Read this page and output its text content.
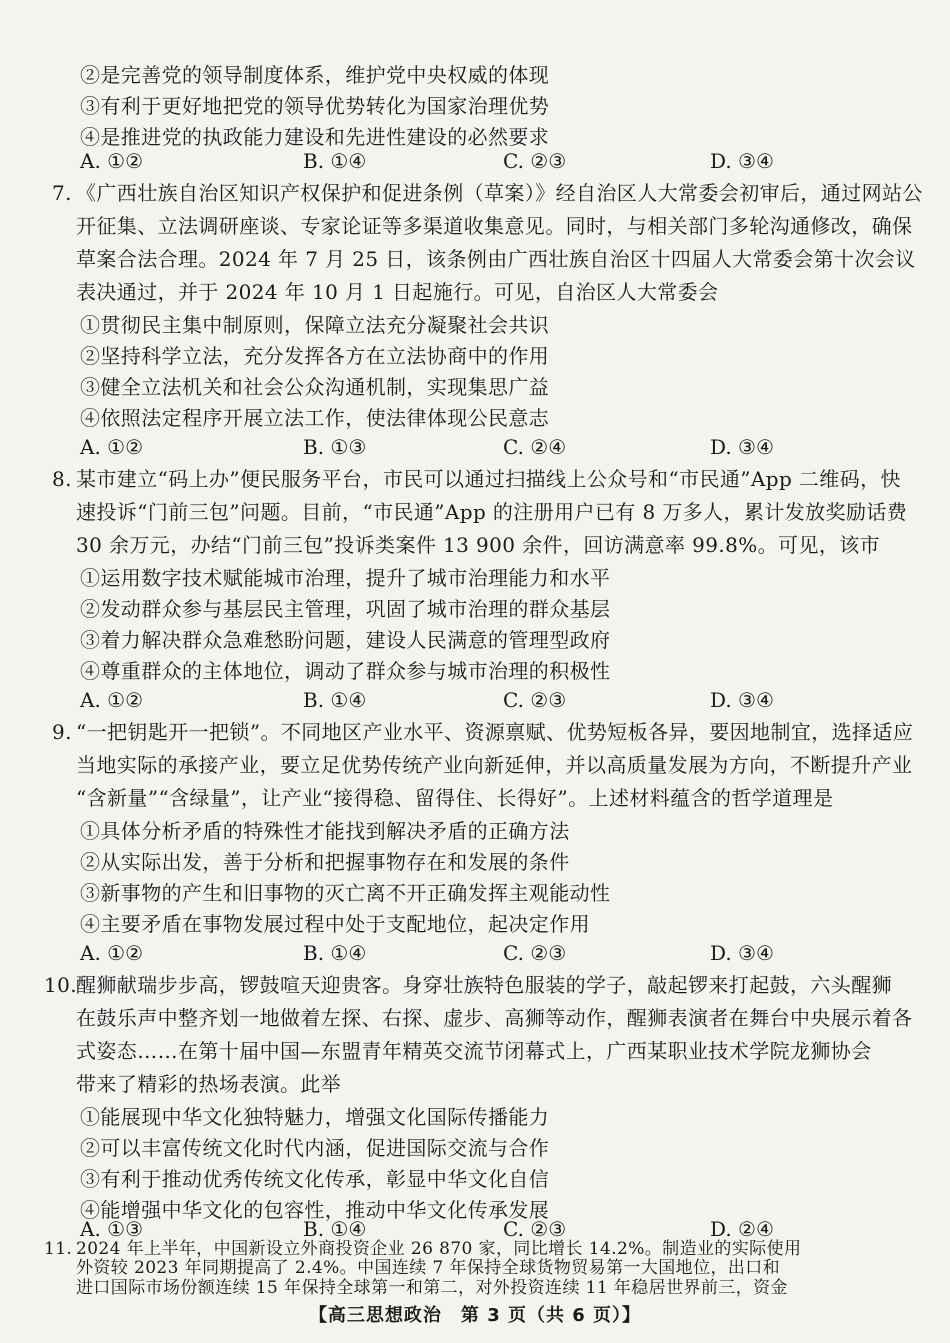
②是完善党的领导制度体系，维护党中央权威的体现
③有利于更好地把党的领导优势转化为国家治理优势
④是推进党的执政能力建设和先进性建设的必然要求
A. ①②	B. ①④	C. ②③	D. ③④
7. 《广西壮族自治区知识产权保护和促进条例（草案）》经自治区人大常委会初审后，通过网站公
开征集、立法调研座谈、专家论证等多渠道收集意见。同时，与相关部门多轮沟通修改，确保
草案合法合理。2024 年 7 月 25 日，该条例由广西壮族自治区十四届人大常委会第十次会议
表决通过，并于 2024 年 10 月 1 日起施行。可见，自治区人大常委会
①贯彻民主集中制原则，保障立法充分凝聚社会共识
②坚持科学立法，充分发挥各方在立法协商中的作用
③健全立法机关和社会公众沟通机制，实现集思广益
④依照法定程序开展立法工作，使法律体现公民意志
A. ①②	B. ①③	C. ②④	D. ③④
8. 某市建立“码上办”便民服务平台，市民可以通过扫描线上公众号和“市民通”App 二维码，快
速投诉“门前三包”问题。目前，“市民通”App 的注册用户已有 8 万多人，累计发放奖励话费
30 余万元，办结“门前三包”投诉类案件 13 900 余件，回访满意率 99.8%。可见，该市
①运用数字技术赋能城市治理，提升了城市治理能力和水平
②发动群众参与基层民主管理，巩固了城市治理的群众基层
③着力解决群众急难愁盼问题，建设人民满意的管理型政府
④尊重群众的主体地位，调动了群众参与城市治理的积极性
A. ①②	B. ①④	C. ②③	D. ③④
9. “一把钥匙开一把锁”。不同地区产业水平、资源禀赋、优势短板各异，要因地制宜，选择适应
当地实际的承接产业，要立足优势传统产业向新延伸，并以高质量发展为方向，不断提升产业
“含新量”“含绿量”，让产业“接得稳、留得住、长得好”。上述材料蕴含的哲学道理是
①具体分析矛盾的特殊性才能找到解决矛盾的正确方法
②从实际出发，善于分析和把握事物存在和发展的条件
③新事物的产生和旧事物的灭亡离不开正确发挥主观能动性
④主要矛盾在事物发展过程中处于支配地位，起决定作用
A. ①②	B. ①④	C. ②③	D. ③④
10.
醒狮献瑞步步高，锣鼓喧天迎贵客。身穿壮族特色服装的学子，敲起锣来打起鼓，六头醒狮
在鼓乐声中整齐划一地做着左探、右探、虚步、高狮等动作，醒狮表演者在舞台中央展示着各
式姿态……在第十届中国—东盟青年精英交流节闭幕式上，广西某职业技术学院龙狮协会
带来了精彩的热场表演。此举
①能展现中华文化独特魅力，增强文化国际传播能力
②可以丰富传统文化时代内涵，促进国际交流与合作
③有利于推动优秀传统文化传承，彰显中华文化自信
④能增强中华文化的包容性，推动中华文化传承发展
A. ①③	B. ①④	C. ②③	D. ②④
11. 2024 年上半年，中国新设立外商投资企业 26 870 家，同比增长 14.2%。制造业的实际使用
【高三思想政治　第 3 页（共 6 页）】
外资较 2023 年同期提高了 2.4%。中国连续 7 年保持全球货物贸易第一大国地位，出口和
进口国际市场份额连续 15 年保持全球第一和第二，对外投资连续 11 年稳居世界前三，资金
